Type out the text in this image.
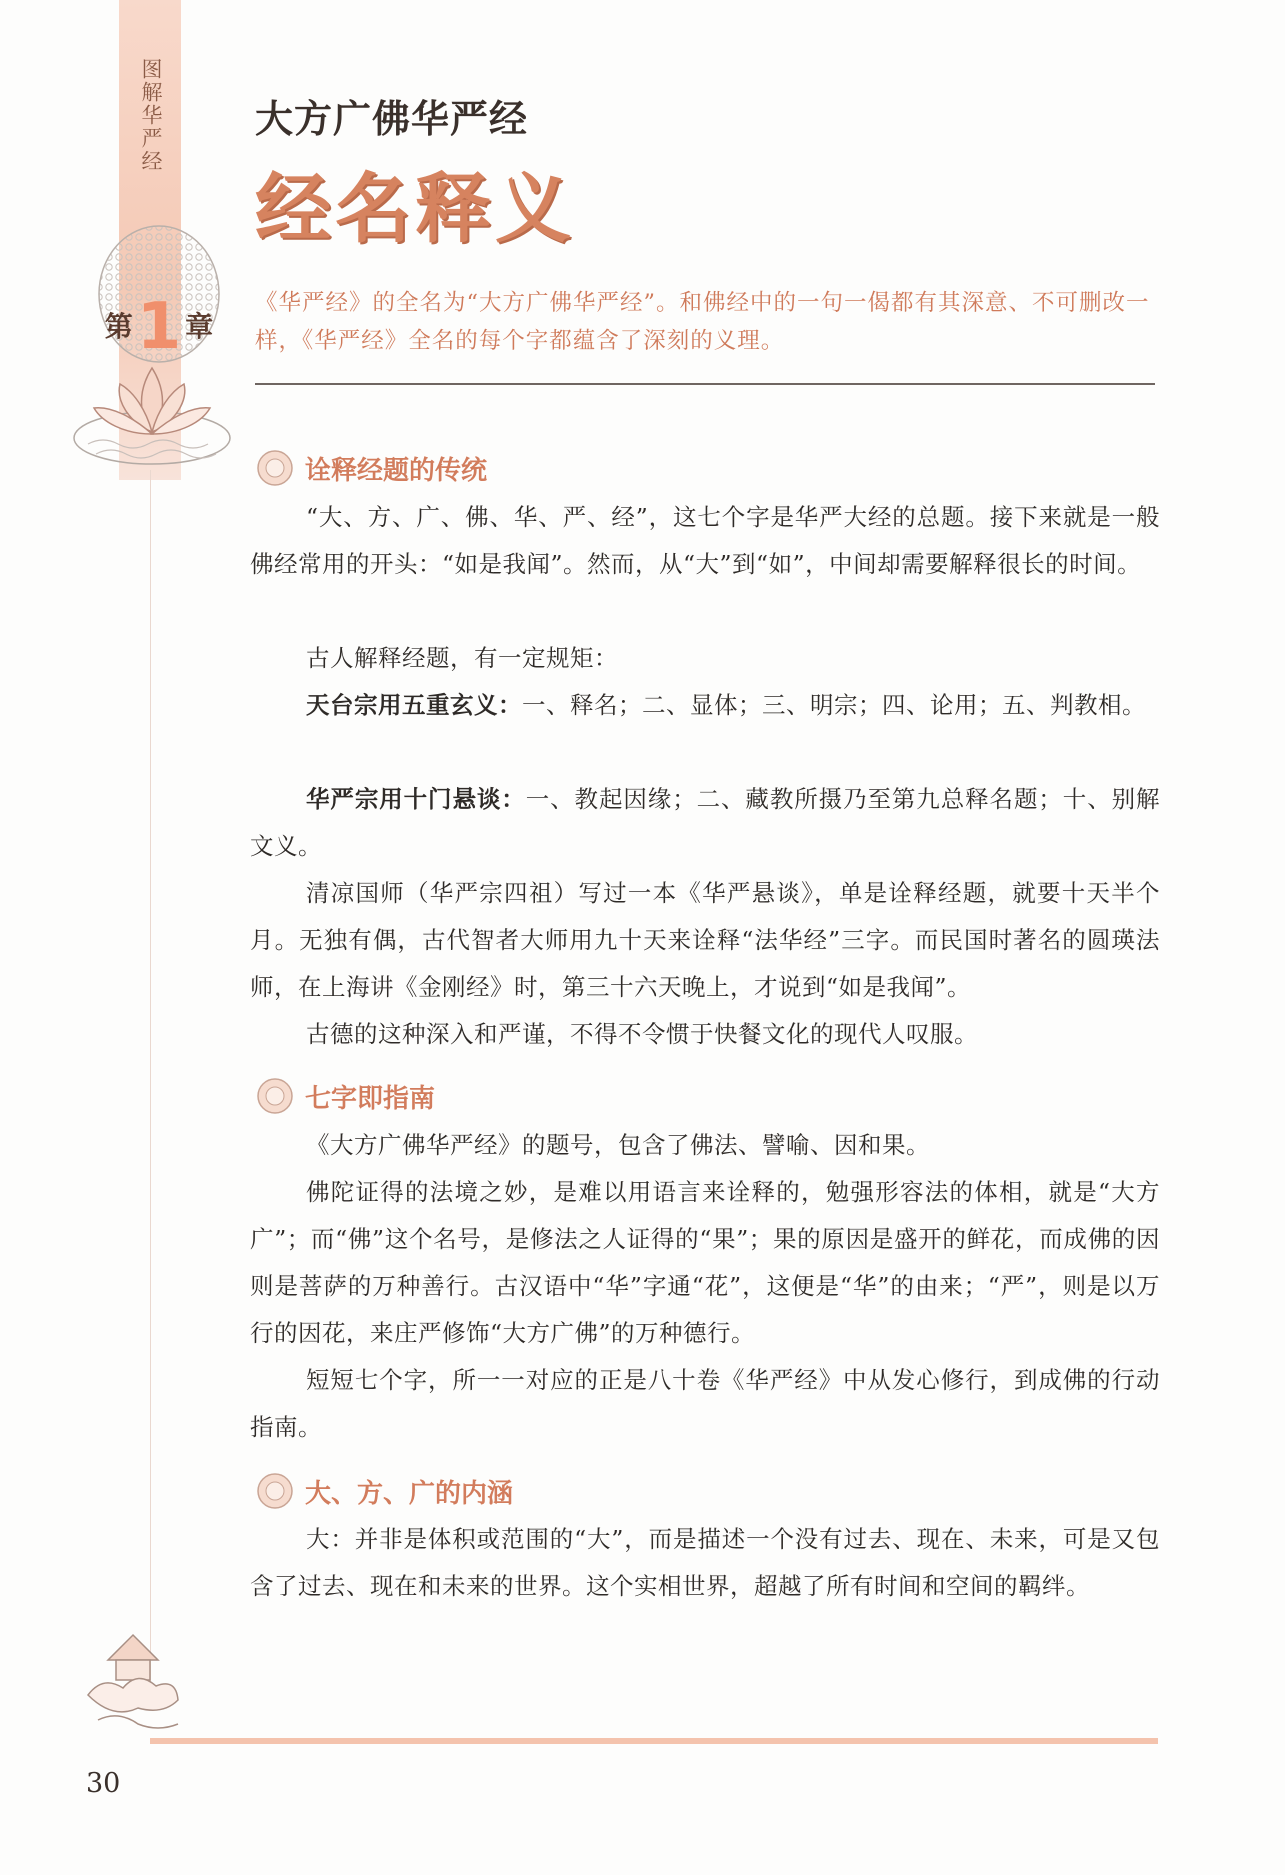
图解华严经
第1 章
大方广佛华严经
经名释义

《华严经》的全名为“大方广佛华严经”。和佛经中的一句一偈都有其深意、不可删改一样，《华严经》全名的每个字都蕴含了深刻的义理。

诠释经题的传统

“大、方、广、佛、华、严、经”，这七个字是华严大经的总题。接下来就是一般佛经常用的开头：“如是我闻”。然而，从“大”到“如”，中间却需要解释很长的时间。

古人解释经题，有一定规矩：

天台宗用五重玄义：一、释名；二、显体；三、明宗；四、论用；五、判教相。

华严宗用十门悬谈：一、教起因缘；二、藏教所摄乃至第九总释名题；十、别解文义。

清凉国师（华严宗四祖）写过一本《华严悬谈》，单是诠释经题，就要十天半个月。无独有偶，古代智者大师用九十天来诠释“法华经”三字。而民国时著名的圆瑛法师，在上海讲《金刚经》时，第三十六天晚上，才说到“如是我闻”。

古德的这种深入和严谨，不得不令惯于快餐文化的现代人叹服。

七字即指南

《大方广佛华严经》的题号，包含了佛法、譬喻、因和果。

佛陀证得的法境之妙，是难以用语言来诠释的，勉强形容法的体相，就是“大方广”；而“佛”这个名号，是修法之人证得的“果”；果的原因是盛开的鲜花，而成佛的因则是菩萨的万种善行。古汉语中“华”字通“花”，这便是“华”的由来；“严”，则是以万行的因花，来庄严修饰“大方广佛”的万种德行。

短短七个字，所一一对应的正是八十卷《华严经》中从发心修行，到成佛的行动指南。

大、方、广的内涵

大：并非是体积或范围的“大”，而是描述一个没有过去、现在、未来，可是又包含了过去、现在和未来的世界。这个实相世界，超越了所有时间和空间的羁绊。

30
